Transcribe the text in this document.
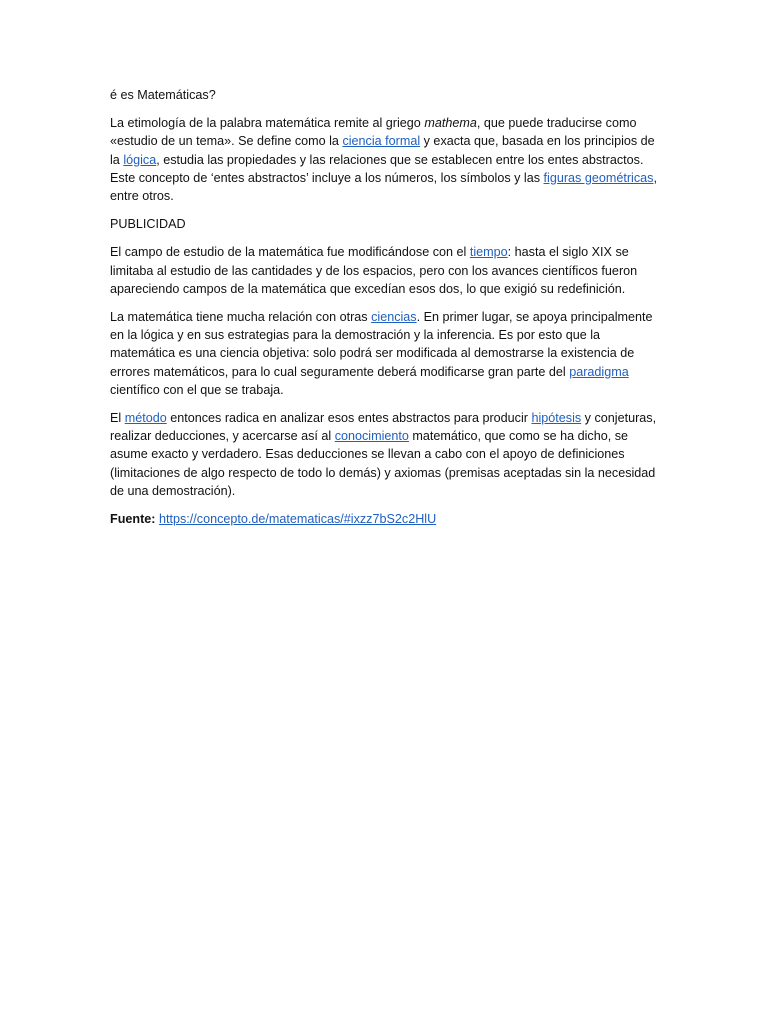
é es Matemáticas?

La etimología de la palabra matemática remite al griego mathema, que puede traducirse como «estudio de un tema». Se define como la ciencia formal y exacta que, basada en los principios de la lógica, estudia las propiedades y las relaciones que se establecen entre los entes abstractos. Este concepto de ‘entes abstractos’ incluye a los números, los símbolos y las figuras geométricas, entre otros.

PUBLICIDAD

El campo de estudio de la matemática fue modificándose con el tiempo: hasta el siglo XIX se limitaba al estudio de las cantidades y de los espacios, pero con los avances científicos fueron apareciendo campos de la matemática que excedían esos dos, lo que exigió su redefinición.

La matemática tiene mucha relación con otras ciencias. En primer lugar, se apoya principalmente en la lógica y en sus estrategias para la demostración y la inferencia. Es por esto que la matemática es una ciencia objetiva: solo podrá ser modificada al demostrarse la existencia de errores matemáticos, para lo cual seguramente deberá modificarse gran parte del paradigma científico con el que se trabaja.

El método entonces radica en analizar esos entes abstractos para producir hipótesis y conjeturas, realizar deducciones, y acercarse así al conocimiento matemático, que como se ha dicho, se asume exacto y verdadero. Esas deducciones se llevan a cabo con el apoyo de definiciones (limitaciones de algo respecto de todo lo demás) y axiomas (premisas aceptadas sin la necesidad de una demostración).

Fuente: https://concepto.de/matematicas/#ixzz7bS2c2HlU
